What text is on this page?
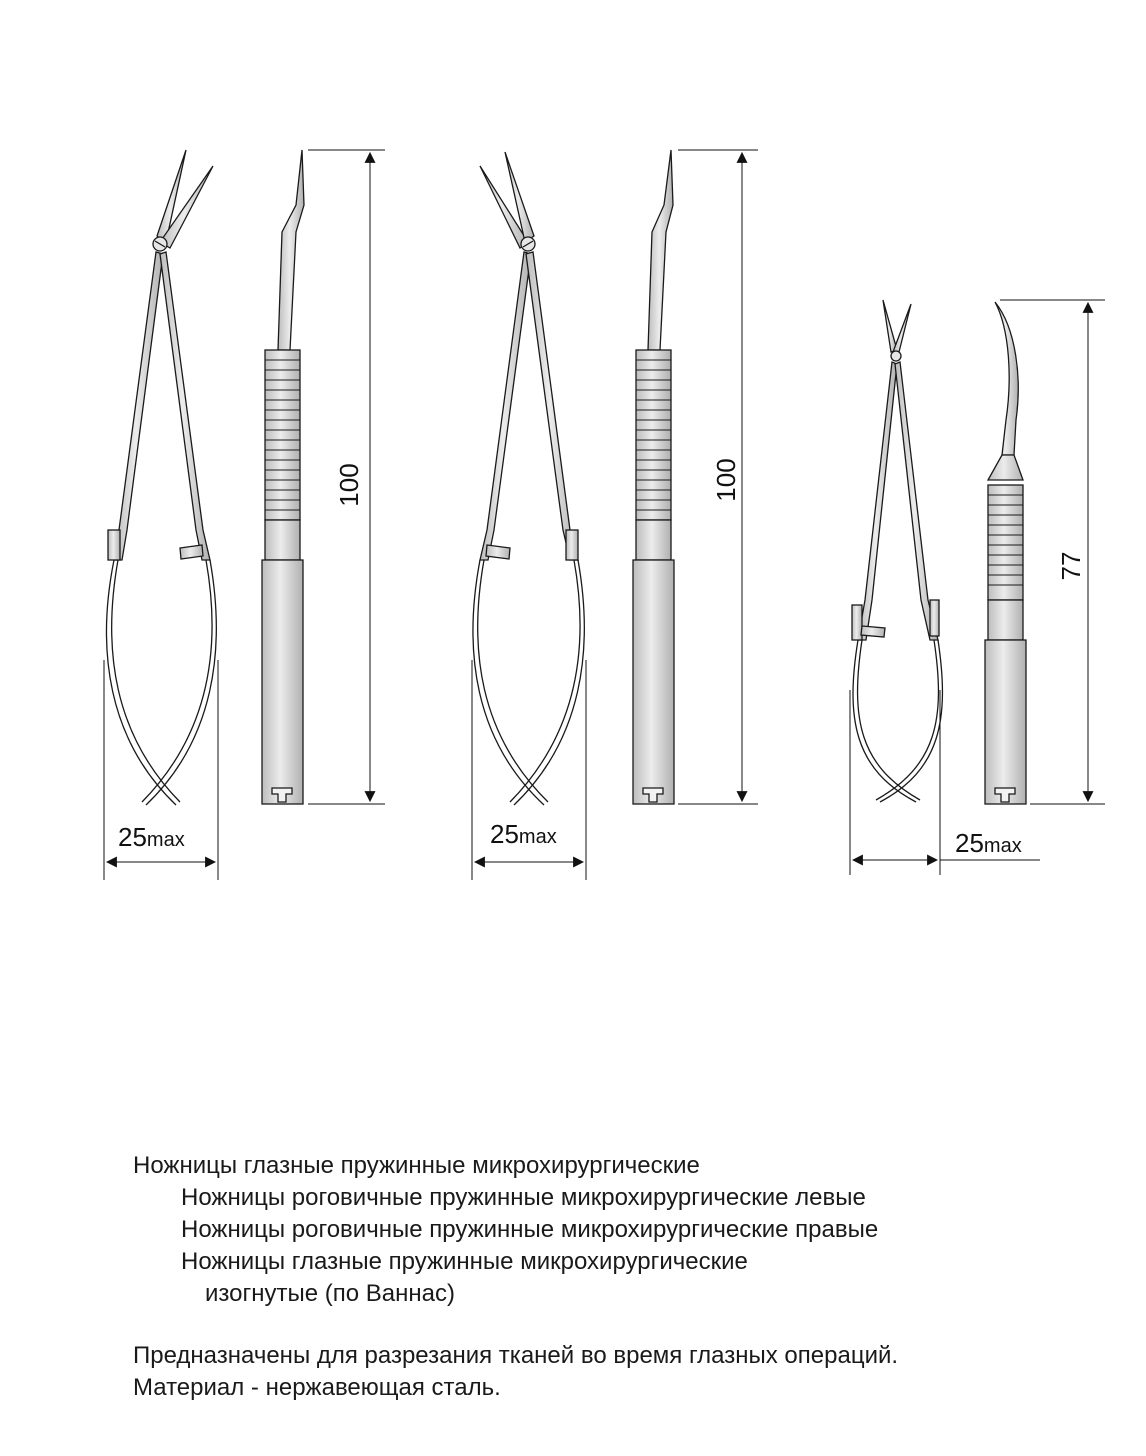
100	100
77
25max	25max	25max
Ножницы глазные пружинные микрохирургические
Ножницы роговичные пружинные микрохирургические левые
Ножницы роговичные пружинные микрохирургические правые
Ножницы глазные пружинные микрохирургические
изогнутые (по Ваннас)
Предназначены для разрезания тканей во время глазных операций.
Материал - нержавеющая сталь.
